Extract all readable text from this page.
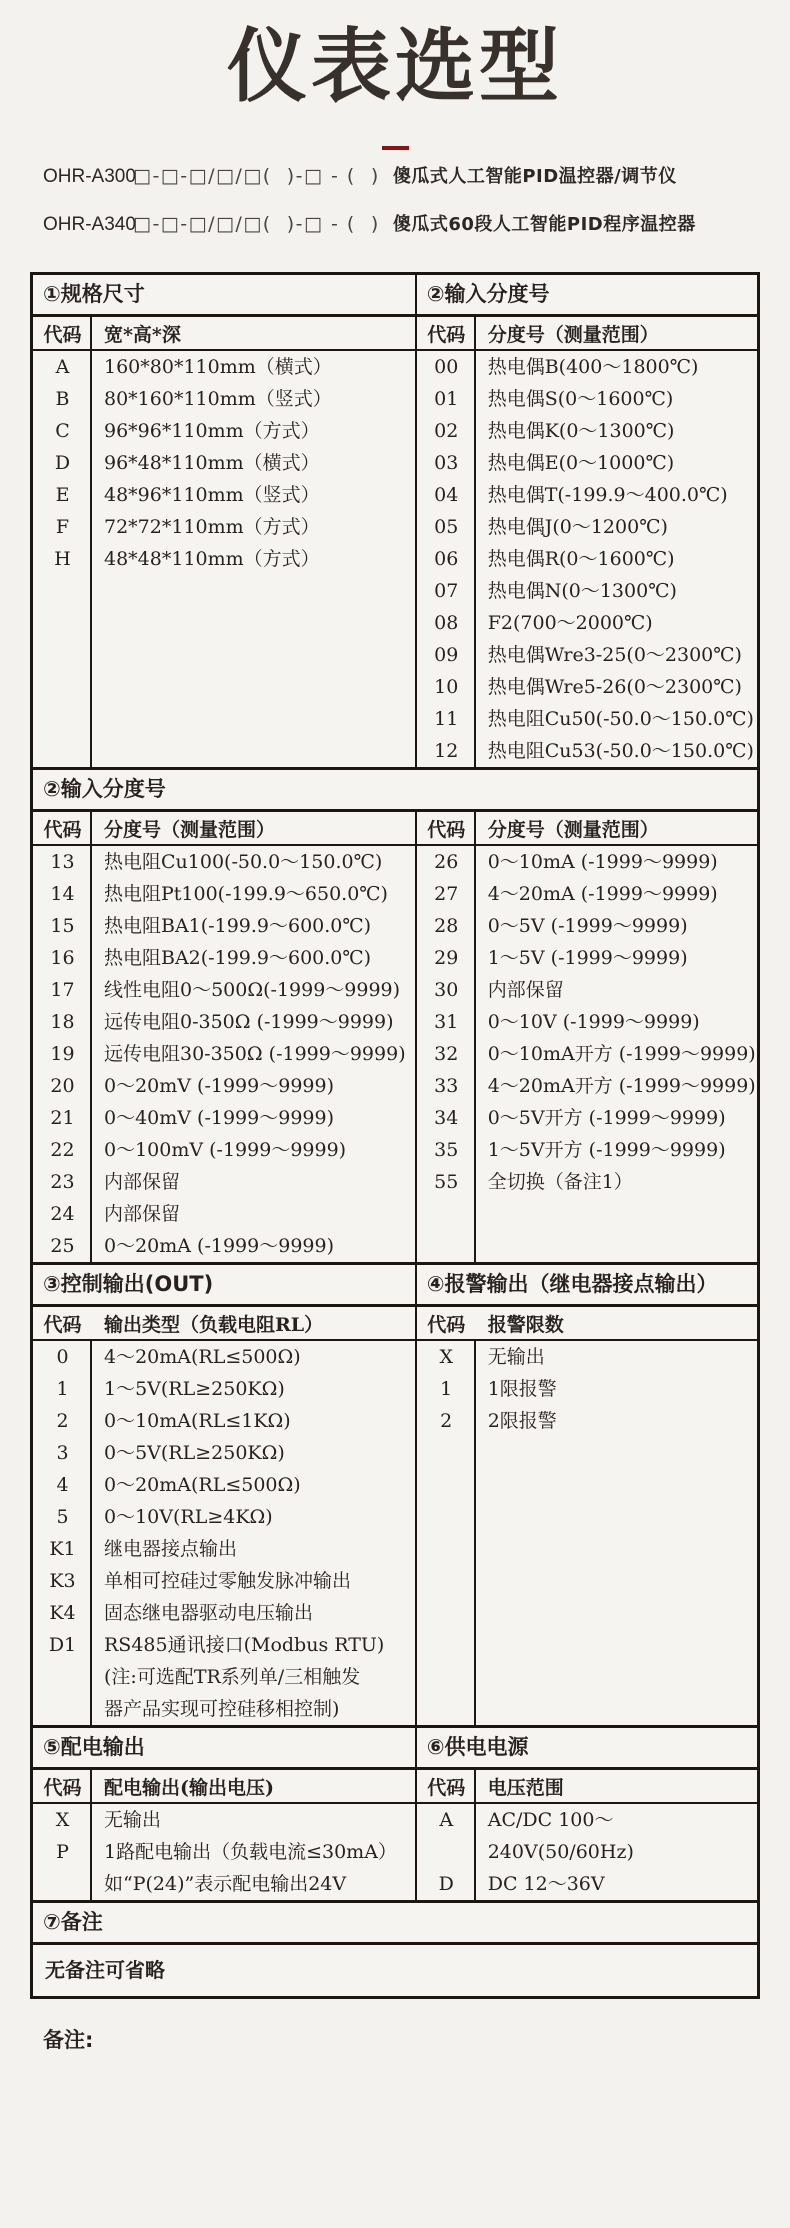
仪表选型
OHR-A300
□-□-□/□/□(  )-□ - (  ) 傻瓜式人工智能PID温控器/调节仪
OHR-A340
□-□-□/□/□(  )-□ - (  ) 傻瓜式60段人工智能PID程序温控器
①规格尺寸	②输入分度号
代码	宽*高*深
A	160*80*110mm（横式）
B	80*160*110mm（竖式）
C	96*96*110mm（方式）
D	96*48*110mm（横式）
E	48*96*110mm（竖式）
F	72*72*110mm（方式）
H	48*48*110mm（方式）
代码	分度号（测量范围）
00	热电偶B(400～1800℃)
01	热电偶S(0～1600℃)
02	热电偶K(0～1300℃)
03	热电偶E(0～1000℃)
04	热电偶T(-199.9～400.0℃)
05	热电偶J(0～1200℃)
06	热电偶R(0～1600℃)
07	热电偶N(0～1300℃)
08	F2(700～2000℃)
09	热电偶Wre3-25(0～2300℃)
10	热电偶Wre5-26(0～2300℃)
11	热电阻Cu50(-50.0～150.0℃)
12	热电阻Cu53(-50.0～150.0℃)
②输入分度号
代码	分度号（测量范围）
13	热电阻Cu100(-50.0～150.0℃)
14	热电阻Pt100(-199.9～650.0℃)
15	热电阻BA1(-199.9～600.0℃)
16	热电阻BA2(-199.9～600.0℃)
17	线性电阻0～500Ω(-1999～9999)
18	远传电阻0-350Ω (-1999～9999)
19	远传电阻30-350Ω (-1999～9999)
20	0～20mV (-1999～9999)
21	0～40mV (-1999～9999)
22	0～100mV (-1999～9999)
23	内部保留
24	内部保留
25	0～20mA (-1999～9999)
代码	分度号（测量范围）
26	0～10mA (-1999～9999)
27	4～20mA (-1999～9999)
28	0～5V (-1999～9999)
29	1～5V (-1999～9999)
30	内部保留
31	0～10V (-1999～9999)
32	0～10mA开方 (-1999～9999)
33	4～20mA开方 (-1999～9999)
34	0～5V开方 (-1999～9999)
35	1～5V开方 (-1999～9999)
55	全切换（备注1）
③控制输出(OUT)	④报警输出（继电器接点输出）
代码	输出类型（负载电阻RL）
0	4～20mA(RL≤500Ω)
1	1～5V(RL≥250KΩ)
2	0～10mA(RL≤1KΩ)
3	0～5V(RL≥250KΩ)
4	0～20mA(RL≤500Ω)
5	0～10V(RL≥4KΩ)
K1	继电器接点输出
K3	单相可控硅过零触发脉冲输出
K4	固态继电器驱动电压输出
D1	RS485通讯接口(Modbus RTU)
(注:可选配TR系列单/三相触发
器产品实现可控硅移相控制)
代码	报警限数
X	无输出
1	1限报警
2	2限报警
⑤配电输出	⑥供电电源
代码	配电输出(输出电压)
X	无输出
P	1路配电输出（负载电流≤30mA）
如“P(24)”表示配电输出24V
代码	电压范围
A	AC/DC 100～240V(50/60Hz)
D	DC 12～36V
⑦备注
无备注可省略
备注:
